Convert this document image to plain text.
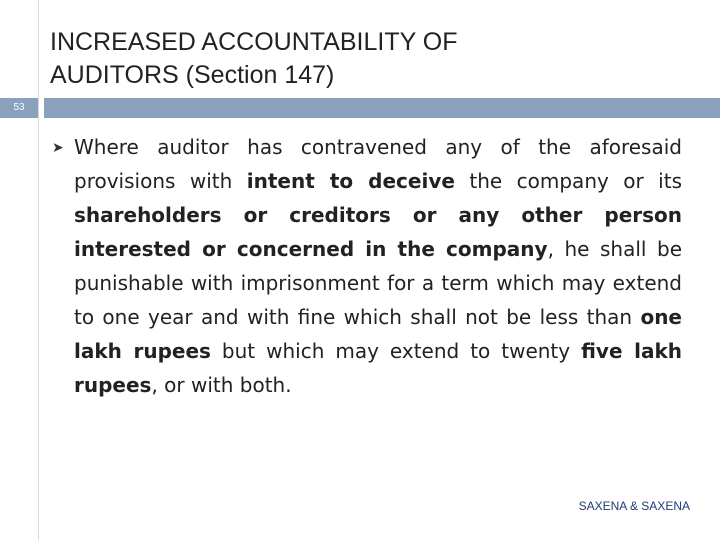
INCREASED ACCOUNTABILITY OF
AUDITORS (Section 147)
53
➤ Where auditor has contravened any of the aforesaid provisions with intent to deceive the company or its shareholders or creditors or any other person interested or concerned in the company, he shall be punishable with imprisonment for a term which may extend to one year and with fine which shall not be less than one lakh rupees but which may extend to twenty five lakh rupees, or with both.

SAXENA & SAXENA
